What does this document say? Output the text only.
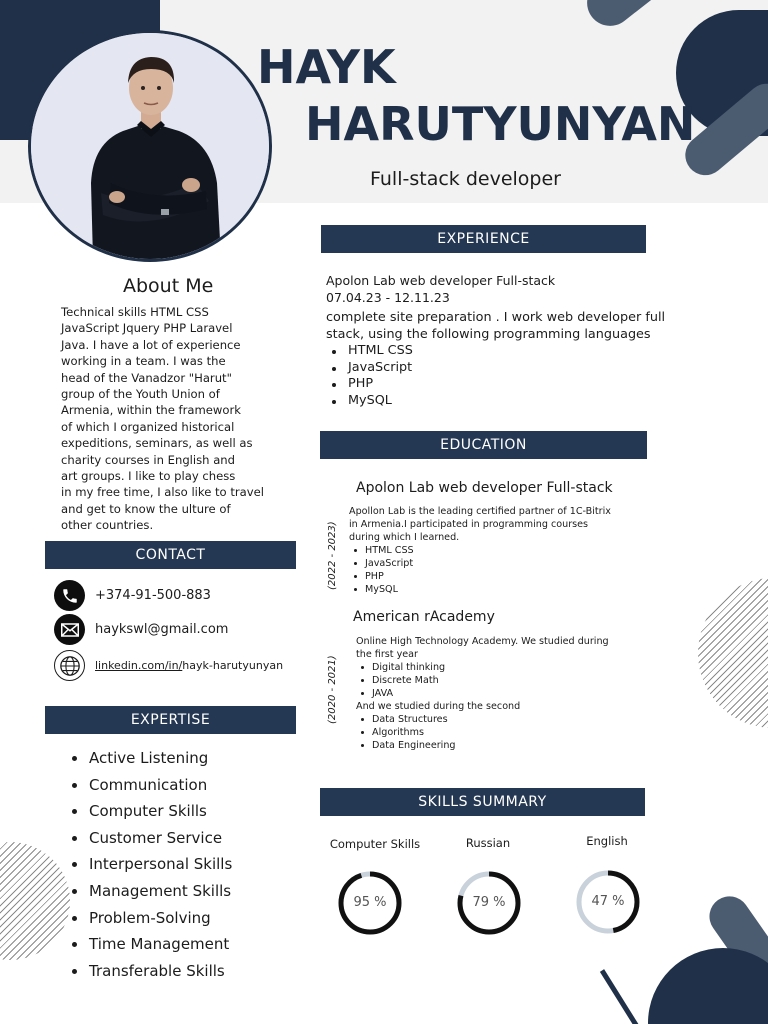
HAYK
HARUTYUNYAN
Full-stack developer
About Me
Technical skills HTML CSS
JavaScript Jquery PHP Laravel
Java. I have a lot of experience
working in a team. I was the
head of the Vanadzor "Harut"
group of the Youth Union of
Armenia, within the framework
of which I organized historical
expeditions, seminars, as well as
charity courses in English and
art groups. I like to play chess
in my free time, I also like to travel
and get to know the ulture of
other countries.
CONTACT
+374-91-500-883
haykswl@gmail.com
linkedin.com/in/hayk-harutyunyan
EXPERTISE
Active Listening
Communication
Computer Skills
Customer Service
Interpersonal Skills
Management Skills
Problem-Solving
Time Management
Transferable Skills
EXPERIENCE
Apolon Lab web developer Full-stack
07.04.23 - 12.11.23
complete site preparation . I work web developer full
stack, using the following programming languages
HTML CSS
JavaScript
PHP
MySQL
EDUCATION
Apolon Lab web developer Full-stack
(2022 - 2023)
Apollon Lab is the leading certified partner of 1C-Bitrix
in Armenia.I participated in programming courses
during which I learned.
HTML CSS
JavaScript
PHP
MySQL
American rAcademy
(2020 - 2021)
Online High Technology Academy. We studied during
the first year
Digital thinking
Discrete Math
JAVA
And we studied during the second
Data Structures
Algorithms
Data Engineering
SKILLS SUMMARY
Computer Skills	Russian	English
95 %	79 %	47 %
